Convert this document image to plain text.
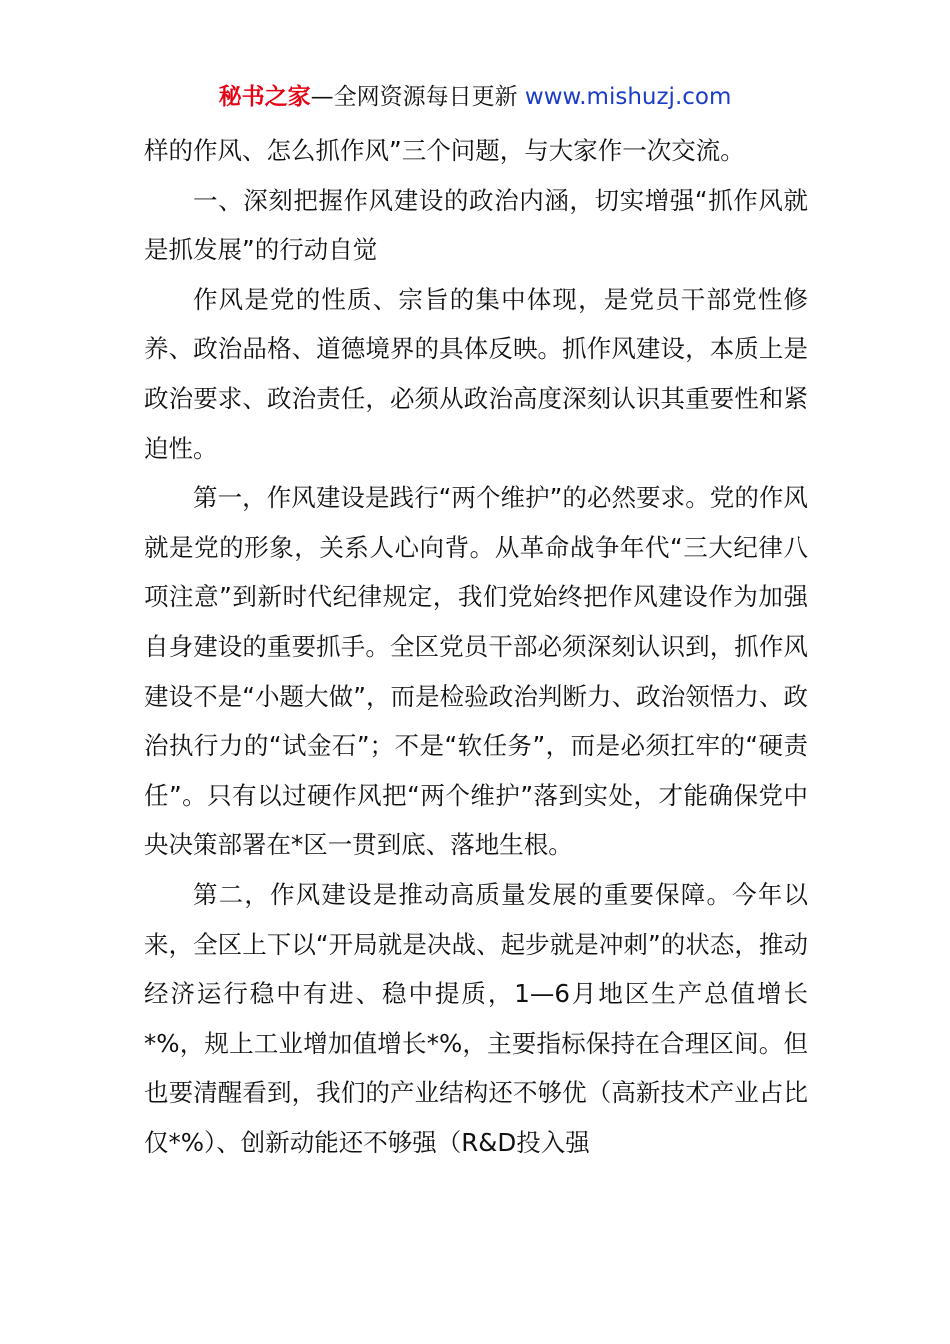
秘书之家—全网资源每日更新 www.mishuzj.com

样的作风、怎么抓作风”三个问题，与大家作一次交流。

一、深刻把握作风建设的政治内涵，切实增强“抓作风就是抓发展”的行动自觉

作风是党的性质、宗旨的集中体现，是党员干部党性修养、政治品格、道德境界的具体反映。抓作风建设，本质上是政治要求、政治责任，必须从政治高度深刻认识其重要性和紧迫性。

第一，作风建设是践行“两个维护”的必然要求。党的作风就是党的形象，关系人心向背。从革命战争年代“三大纪律八项注意”到新时代纪律规定，我们党始终把作风建设作为加强自身建设的重要抓手。全区党员干部必须深刻认识到，抓作风建设不是“小题大做”，而是检验政治判断力、政治领悟力、政治执行力的“试金石”；不是“软任务”，而是必须扛牢的“硬责任”。只有以过硬作风把“两个维护”落到实处，才能确保党中央决策部署在*区一贯到底、落地生根。

第二，作风建设是推动高质量发展的重要保障。今年以来，全区上下以“开局就是决战、起步就是冲刺”的状态，推动经济运行稳中有进、稳中提质，1—6月地区生产总值增长*%，规上工业增加值增长*%，主要指标保持在合理区间。但也要清醒看到，我们的产业结构还不够优（高新技术产业占比仅*%）、创新动能还不够强（R&D投入强
